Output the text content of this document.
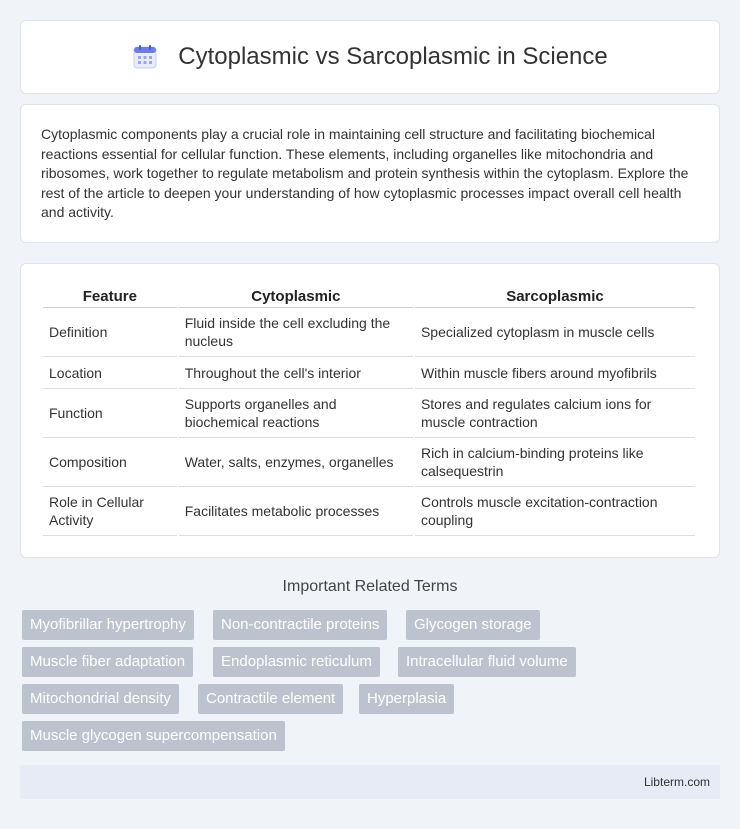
Cytoplasmic vs Sarcoplasmic in Science

Cytoplasmic components play a crucial role in maintaining cell structure and facilitating biochemical reactions essential for cellular function. These elements, including organelles like mitochondria and ribosomes, work together to regulate metabolism and protein synthesis within the cytoplasm. Explore the rest of the article to deepen your understanding of how cytoplasmic processes impact overall cell health and activity.

Feature	Cytoplasmic	Sarcoplasmic
Definition	Fluid inside the cell excluding the nucleus	Specialized cytoplasm in muscle cells
Location	Throughout the cell's interior	Within muscle fibers around myofibrils
Function	Supports organelles and biochemical reactions	Stores and regulates calcium ions for muscle contraction
Composition	Water, salts, enzymes, organelles	Rich in calcium-binding proteins like calsequestrin
Role in Cellular Activity	Facilitates metabolic processes	Controls muscle excitation-contraction coupling
Important Related Terms
Myofibrillar hypertrophy	Non-contractile proteins	Glycogen storage
Muscle fiber adaptation	Endoplasmic reticulum	Intracellular fluid volume
Mitochondrial density	Contractile element	Hyperplasia
Muscle glycogen supercompensation
Libterm.com
